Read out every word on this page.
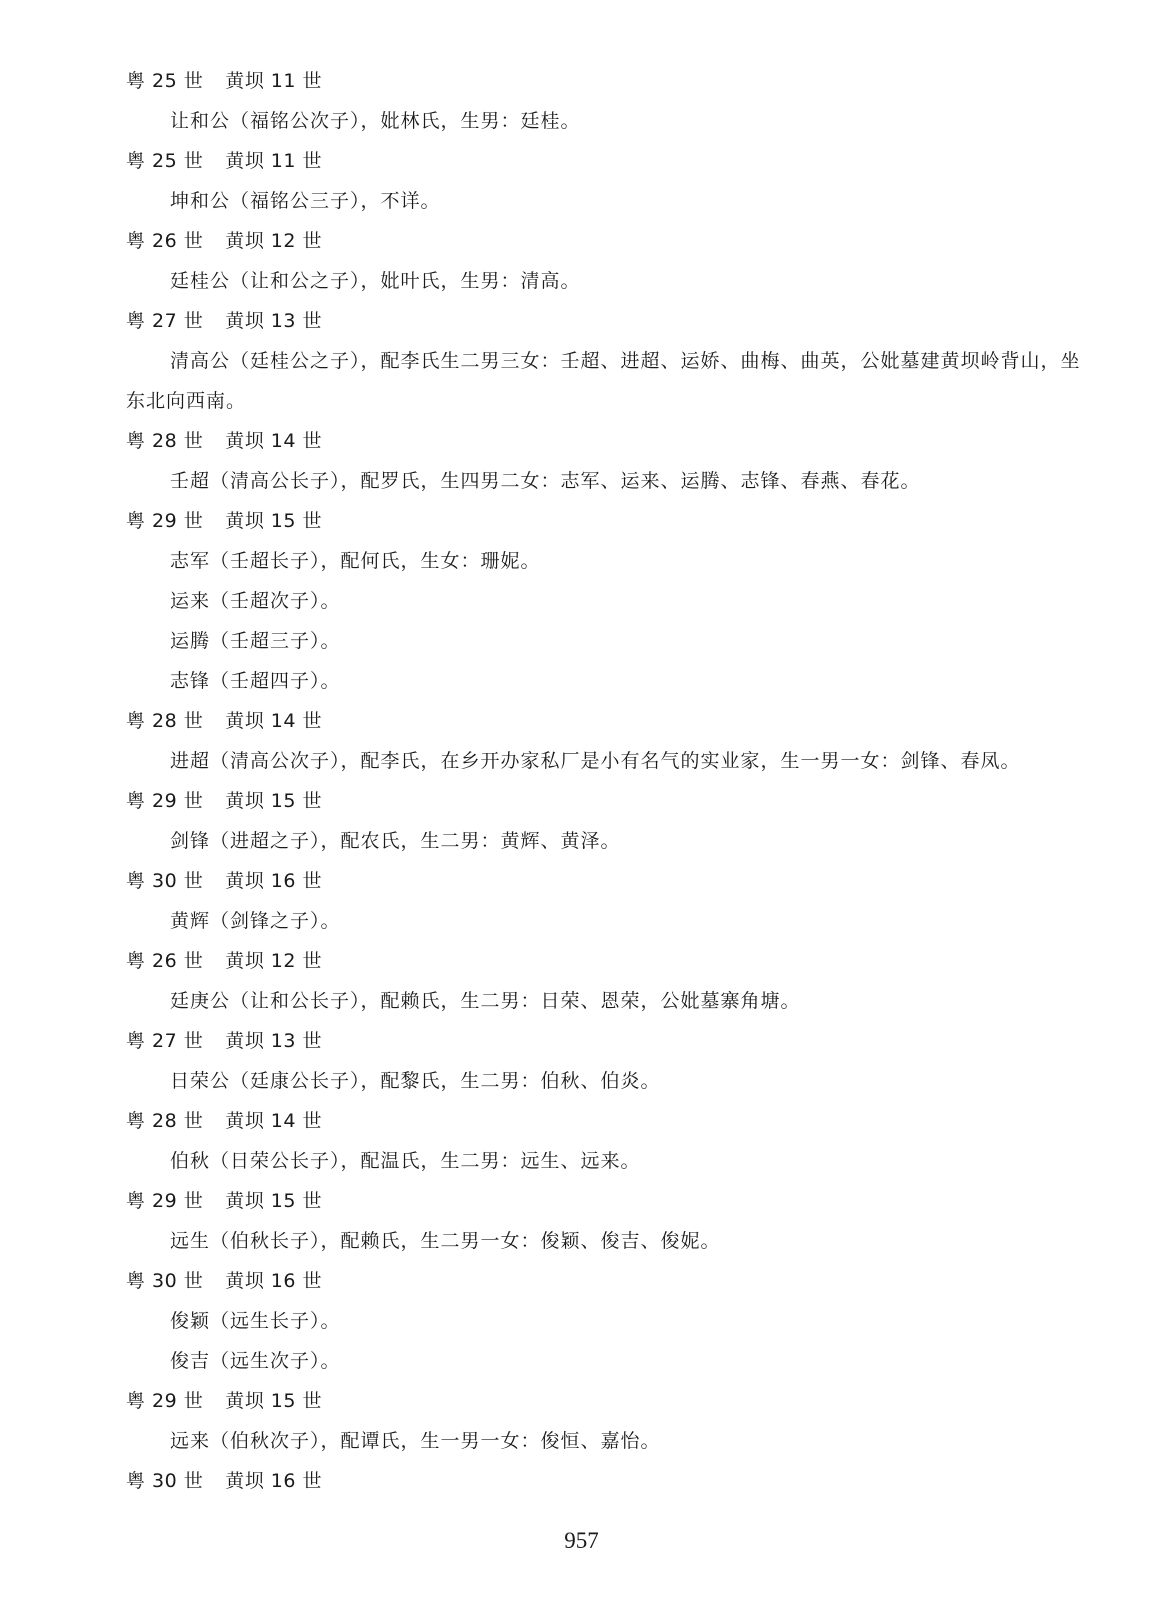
粤 25 世 黄坝 11 世
让和公（福铭公次子），妣林氏，生男：廷桂。
粤 25 世 黄坝 11 世
坤和公（福铭公三子），不详。
粤 26 世 黄坝 12 世
廷桂公（让和公之子），妣叶氏，生男：清高。
粤 27 世 黄坝 13 世
清高公（廷桂公之子），配李氏生二男三女：壬超、进超、运娇、曲梅、曲英，公妣墓建黄坝岭背山，坐东北向西南。
粤 28 世 黄坝 14 世
壬超（清高公长子），配罗氏，生四男二女：志军、运来、运腾、志锋、春燕、春花。
粤 29 世 黄坝 15 世
志军（壬超长子），配何氏，生女：珊妮。
运来（壬超次子）。
运腾（壬超三子）。
志锋（壬超四子）。
粤 28 世 黄坝 14 世
进超（清高公次子），配李氏，在乡开办家私厂是小有名气的实业家，生一男一女：剑锋、春凤。
粤 29 世 黄坝 15 世
剑锋（进超之子），配农氏，生二男：黄辉、黄泽。
粤 30 世 黄坝 16 世
黄辉（剑锋之子）。
粤 26 世 黄坝 12 世
廷庚公（让和公长子），配赖氏，生二男：日荣、恩荣，公妣墓寨角塘。
粤 27 世 黄坝 13 世
日荣公（廷康公长子），配黎氏，生二男：伯秋、伯炎。
粤 28 世 黄坝 14 世
伯秋（日荣公长子），配温氏，生二男：远生、远来。
粤 29 世 黄坝 15 世
远生（伯秋长子），配赖氏，生二男一女：俊颖、俊吉、俊妮。
粤 30 世 黄坝 16 世
俊颖（远生长子）。
俊吉（远生次子）。
粤 29 世 黄坝 15 世
远来（伯秋次子），配谭氏，生一男一女：俊恒、嘉怡。
粤 30 世 黄坝 16 世
957
